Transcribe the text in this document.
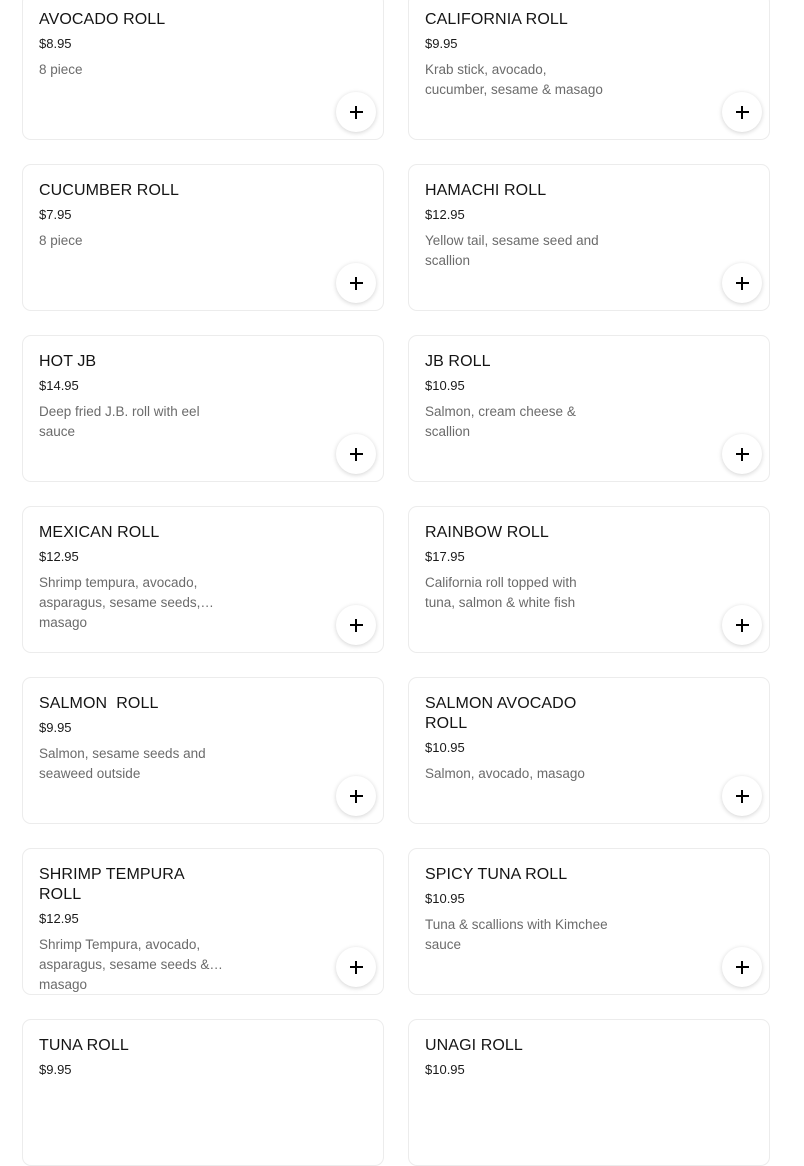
AVOCADO ROLL
$8.95
8 piece
CALIFORNIA ROLL
$9.95
Krab stick, avocado, cucumber, sesame & masago
CUCUMBER ROLL
$7.95
8 piece
HAMACHI ROLL
$12.95
Yellow tail, sesame seed and scallion
HOT JB
$14.95
Deep fried J.B. roll with eel sauce
JB ROLL
$10.95
Salmon, cream cheese & scallion
MEXICAN ROLL
$12.95
Shrimp tempura, avocado, asparagus, sesame seeds, masago
RAINBOW ROLL
$17.95
California roll topped with tuna, salmon & white fish
SALMON  ROLL
$9.95
Salmon, sesame seeds and seaweed outside
SALMON AVOCADO ROLL
$10.95
Salmon, avocado, masago
SHRIMP TEMPURA ROLL
$12.95
Shrimp Tempura, avocado, asparagus, sesame seeds & masago
SPICY TUNA ROLL
$10.95
Tuna & scallions with Kimchee sauce
TUNA ROLL
$9.95
UNAGI ROLL
$10.95
